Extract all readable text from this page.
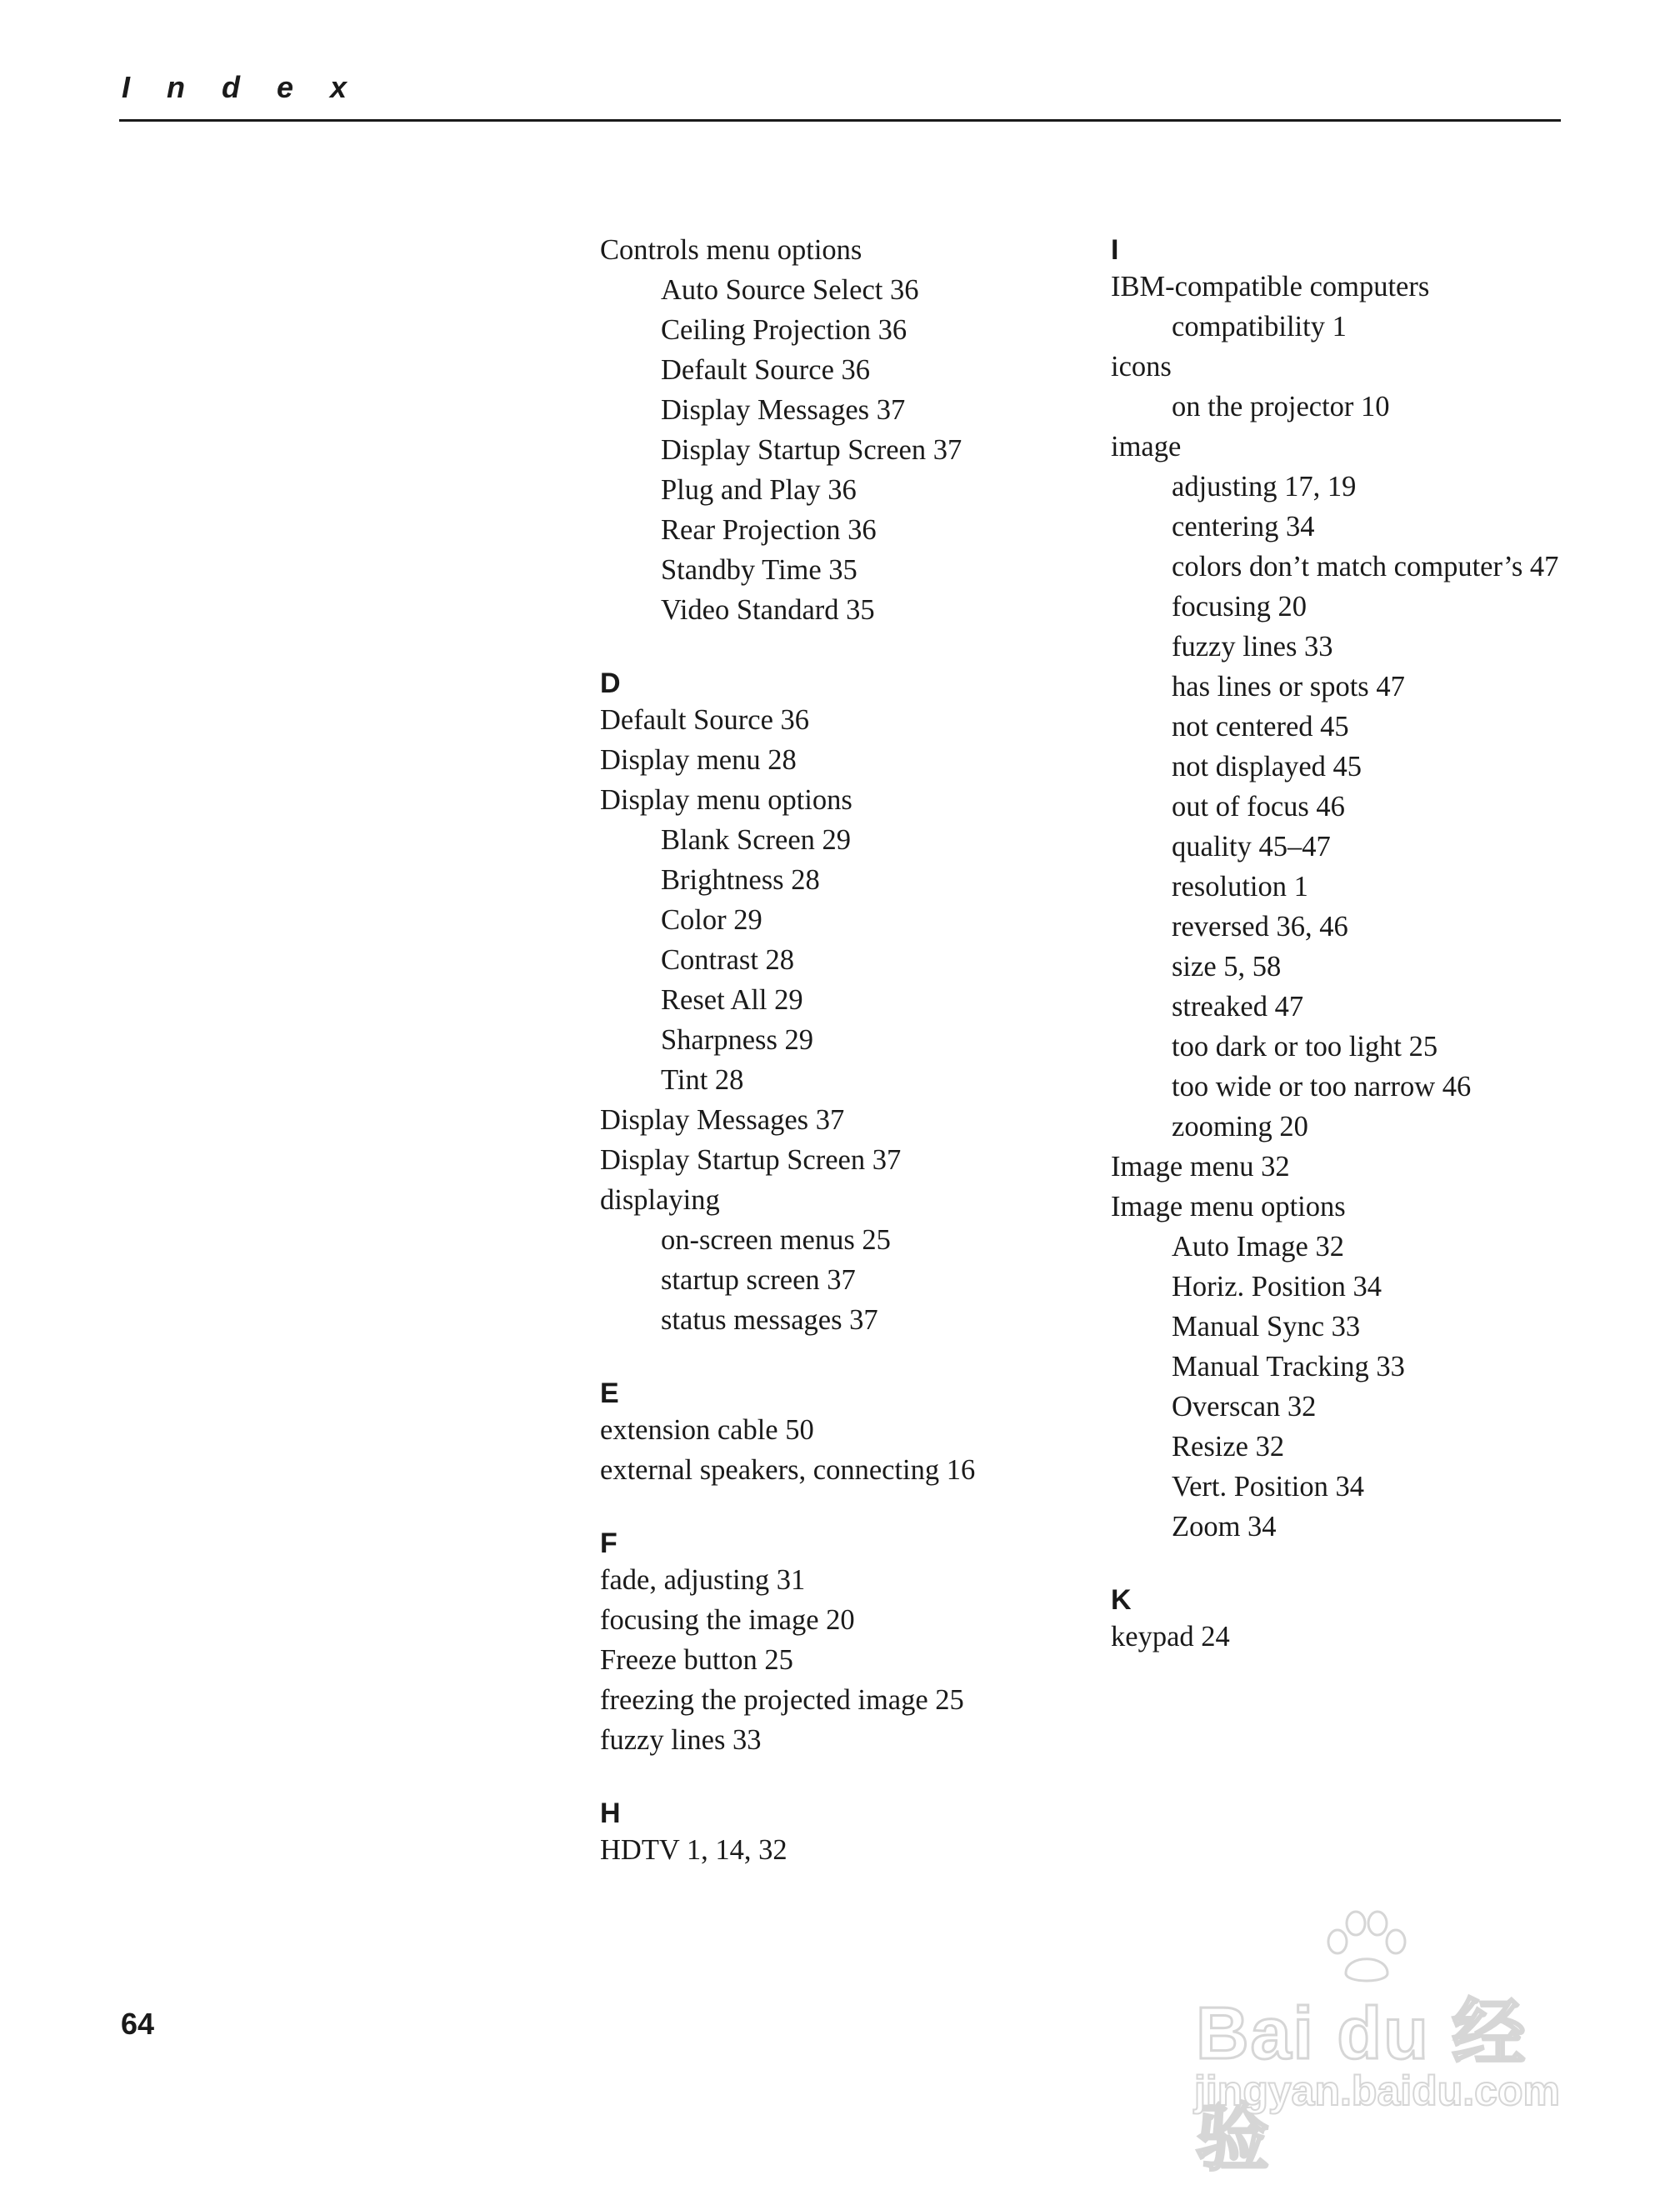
Index
Controls menu options
Auto Source Select 36
Ceiling Projection 36
Default Source 36
Display Messages 37
Display Startup Screen 37
Plug and Play 36
Rear Projection 36
Standby Time 35
Video Standard 35
D
Default Source 36
Display menu 28
Display menu options
Blank Screen 29
Brightness 28
Color 29
Contrast 28
Reset All 29
Sharpness 29
Tint 28
Display Messages 37
Display Startup Screen 37
displaying
on-screen menus 25
startup screen 37
status messages 37
E
extension cable 50
external speakers, connecting 16
F
fade, adjusting 31
focusing the image 20
Freeze button 25
freezing the projected image 25
fuzzy lines 33
H
HDTV 1, 14, 32
I
IBM-compatible computers
compatibility 1
icons
on the projector 10
image
adjusting 17, 19
centering 34
colors don’t match computer’s 47
focusing 20
fuzzy lines 33
has lines or spots 47
not centered 45
not displayed 45
out of focus 46
quality 45–47
resolution 1
reversed 36, 46
size 5, 58
streaked 47
too dark or too light 25
too wide or too narrow 46
zooming 20
Image menu 32
Image menu options
Auto Image 32
Horiz. Position 34
Manual Sync 33
Manual Tracking 33
Overscan 32
Resize 32
Vert. Position 34
Zoom 34
K
keypad 24
64	Bai du 经验
jingyan.baidu.com
